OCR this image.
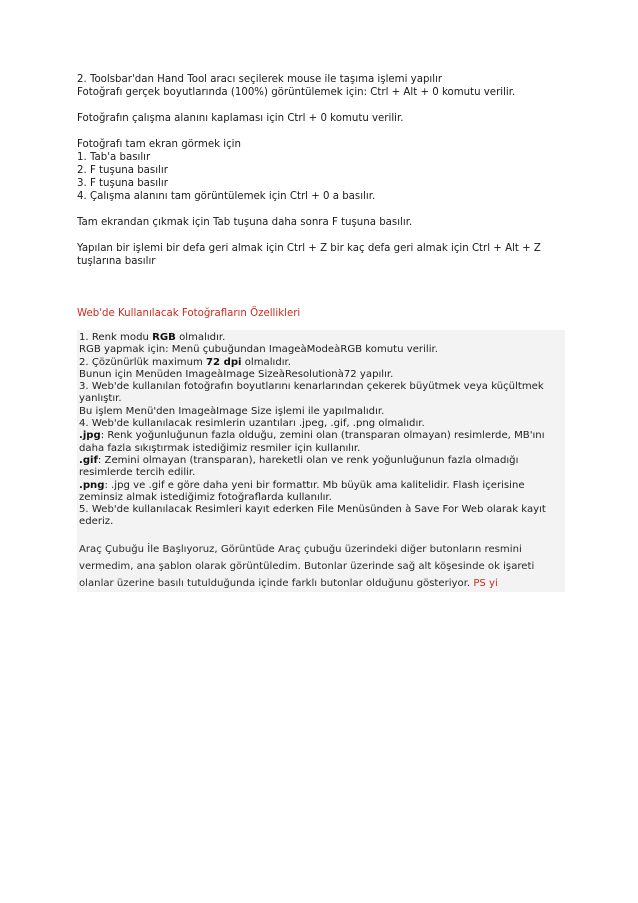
2. Toolsbar'dan Hand Tool aracı seçilerek mouse ile taşıma işlemi yapılır
Fotoğrafı gerçek boyutlarında (100%) görüntülemek için: Ctrl + Alt + 0 komutu verilir.
Fotoğrafın çalışma alanını kaplaması için Ctrl + 0 komutu verilir.
Fotoğrafı tam ekran görmek için
1. Tab'a basılır
2. F tuşuna basılır
3. F tuşuna basılır
4. Çalışma alanını tam görüntülemek için Ctrl + 0 a basılır.
Tam ekrandan çıkmak için Tab tuşuna daha sonra F tuşuna basılır.
Yapılan bir işlemi bir defa geri almak için Ctrl + Z bir kaç defa geri almak için Ctrl + Alt + Z tuşlarına basılır
Web'de Kullanılacak Fotoğrafların Özellikleri
1. Renk modu RGB olmalıdır.
RGB yapmak için: Menü çubuğundan ImageàModeàRGB komutu verilir.
2. Çözünürlük maximum 72 dpi olmalıdır.
Bunun için Menüden ImageàImage SizeàResolutionà72 yapılır.
3. Web'de kullanılan fotoğrafın boyutlarını kenarlarından çekerek büyütmek veya küçültmek yanlıştır.
Bu işlem Menü'den ImageàImage Size işlemi ile yapılmalıdır.
4. Web'de kullanılacak resimlerin uzantıları .jpeg, .gif, .png olmalıdır.
.jpg: Renk yoğunluğunun fazla olduğu, zemini olan (transparan olmayan) resimlerde, MB'ını daha fazla sıkıştırmak istediğimiz resmiler için kullanılır.
.gif: Zemini olmayan (transparan), hareketli olan ve renk yoğunluğunun fazla olmadığı resimlerde tercih edilir.
.png: .jpg ve .gif e göre daha yeni bir formattır. Mb büyük ama kalitelidir. Flash içerisine zeminsiz almak istediğimiz fotoğraflarda kullanılır.
5. Web'de kullanılacak Resimleri kayıt ederken File Menüsünden à Save For Web olarak kayıt ederiz.
Araç Çubuğu İle Başlıyoruz, Görüntüde Araç çubuğu üzerindeki diğer butonların resmini vermedim, ana şablon olarak görüntüledim. Butonlar üzerinde sağ alt köşesinde ok işareti olanlar üzerine basılı tutulduğunda içinde farklı butonlar olduğunu gösteriyor. PS yi
